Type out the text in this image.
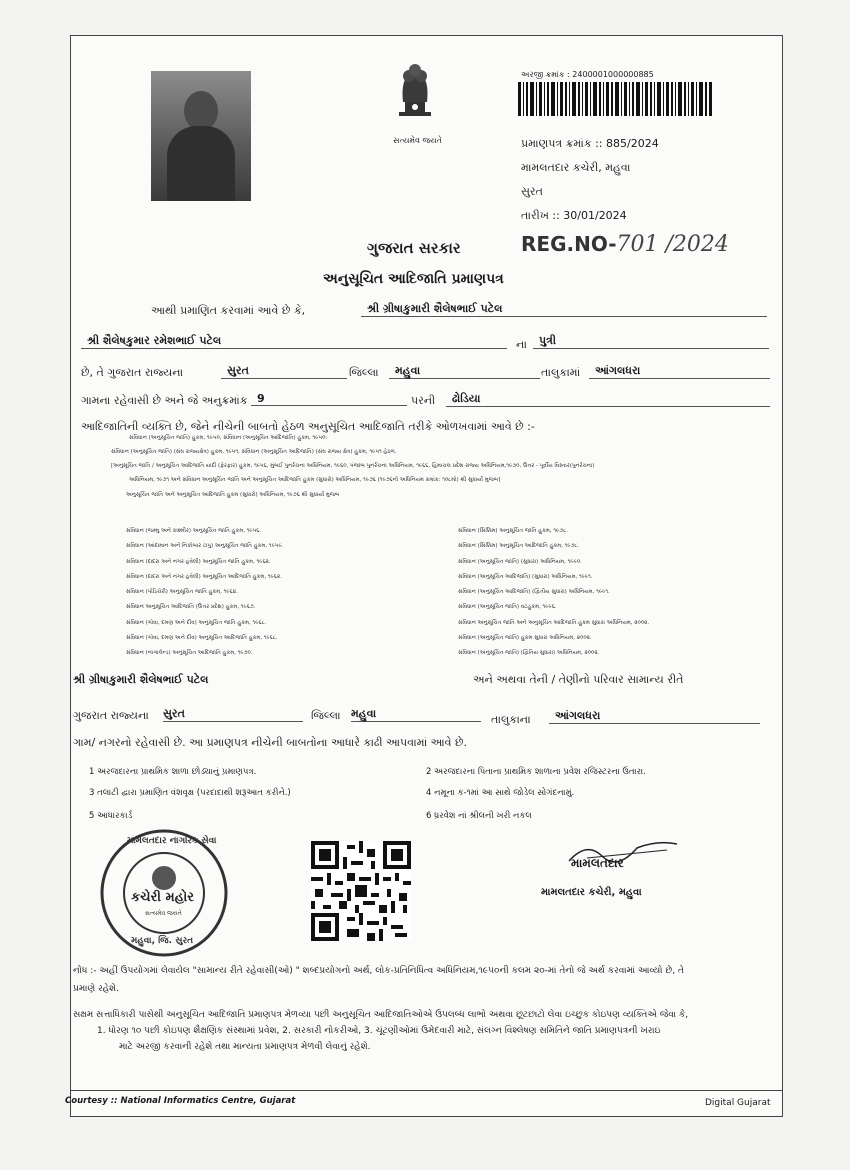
સત્યમેવ જયતે
અરજી ક્રમાંક : 2400001000000885
પ્રમાણપત્ર ક્રમાંક :: 885/2024
મામલતદાર કચેરી, મહુવા
સુરત
તારીખ :: 30/01/2024
ગુજરાત સરકાર	REG.NO-701 /2024
અનુસૂચિત આદિજાતિ પ્રમાણપત્ર
આથી પ્રમાણિત કરવામાં આવે છે કે,	શ્રી ગ્રીષાકુમારી શૈલેષભાઈ પટેલ
શ્રી શૈલેષકુમાર રમેશભાઈ પટેલ	ના	પુત્રી
છે, તે ગુજરાત રાજ્યના	સુરત	જિલ્લા	મહુવા	તાલુકામાં	આંગલધરા
ગામના રહેવાસી છે અને જે અનુક્રમાંક 9	પરની	ઢોડિયા
આદિજાતિની વ્યક્તિ છે, જેને નીચેની બાબતો હેઠળ અનુસૂચિત આદિજાતિ તરીકે ઓળખવામાં આવે છે :-
સંવિધાન (અનુસૂચિત જાતિ) હુકમ, ૧૯૫૦, સંવિધાન (અનુસૂચિત આદિજાતિ) હુકમ, ૧૯૫૦:
સંવિધાન (અનુસૂચિત જાતિ) (સંઘ રાજ્યક્ષેત્ર) હુકમ, ૧૯૫૧, સંવિધાન (અનુસૂચિત આદિજાતિ) (સંઘ રાજ્ય ક્ષેત્ર) હુકમ, ૧૯૫૧ હેઠળ.
[અનુસૂચિત જાતિ / અનુસૂચિત આદિજાતિ યાદી (ફેરફાર) હુકમ, ૧૯૫૬, મુંબઈ પુનર્રચના અધિનિયમ, ૧૯૬૦, પંજાબ પુનર્રચના અધિનિયમ, ૧૯૬૬, હિમાચલ પ્રદેશ રાજ્ય અધિનિયમ,૧૯૭૦, ઉત્તર - પૂર્વીય વિસ્તાર(પુનર્રચના)
અધિનિયમ, ૧૯૭૧ અને સંવિધાન અનુસૂચિત જાતિ અને અનુસૂચિત આદિજાતિ હુકમ (સુધારો) અધિનિયમ, ૧૯૭૬ (૧૯૭૬નો અધિનિયમ ક્રમાંક: ૧૦૮મો) થી સુધાર્યા મુજબ]
અનુસૂચિત જાતિ અને અનુસૂચિત આદિજાતિ હુકમ (સુધારો) અધિનિયમ, ૧૯૭૬ થી સુધાર્યા મુજબ
સંવિધાન (જમ્મુ અને કાશ્મીર) અનુસૂચિત જાતિ હુકમ, ૧૯૫૬.
સંવિધાન (આંદામાન અને નિકોબાર ટાપુ) અનુસૂચિત જાતિ હુકમ, ૧૯૫૯.
સંવિધાન (દાદરા અને નગર હવેલી) અનુસૂચિત જાતિ હુકમ, ૧૯૬૨.
સંવિધાન (દાદરા અને નગર હવેલી) અનુસૂચિત આદિજાતિ હુકમ, ૧૯૬૨.
સંવિધાન (પોંડિચેરી) અનુસૂચિત જાતિ હુકમ, ૧૯૬૪.
સંવિધાન અનુસૂચિત આદિજાતિ (ઉત્તર પ્રદેશ) હુકમ, ૧૯૬૭.
સંવિધાન (ગોવા, દમણ અને દીવ) અનુસૂચિત જાતિ હુકમ, ૧૯૬૮.
સંવિધાન (ગોવા, દમણ અને દીવ) અનુસૂચિત આદિજાતિ હુકમ, ૧૯૬૮.
સંવિધાન (નાગાલેન્ડ) અનુસૂચિત આદિજાતિ હુકમ, ૧૯૭૦.
સંવિધાન (સિક્કિમ) અનુસૂચિત જાતિ હુકમ, ૧૯૭૮.
સંવિધાન (સિક્કિમ) અનુસૂચિત આદિજાતિ હુકમ, ૧૯૭૮.
સંવિધાન (અનુસૂચિત જાતિ) (સુધારા) અધિનિયમ, ૧૯૯૦.
સંવિધાન (અનુસૂચિત આદિજાતિ) (સુધારા) અધિનિયમ, ૧૯૯૧.
સંવિધાન (અનુસૂચિત આદિજાતિ) (દ્વિતીય સુધારા) અધિનિયમ, ૧૯૯૧.
સંવિધાન (અનુસૂચિત જાતિ) વટહુકમ, ૧૯૯૬.
સંવિધાન અનુસૂચિત જાતિ અને અનુસૂચિત આદિજાતિ હુકમ સુધારા અધિનિયમ, ૨૦૦૨.
સંવિધાન (અનુસૂચિત જાતિ) હુકમ સુધારા અધિનિયમ, ૨૦૦૨.
સંવિધાન (અનુસૂચિત જાતિ) (દ્વિતિય સુધારા) અધિનિયમ, ૨૦૦૨.
શ્રી ગ્રીષાકુમારી શૈલેષભાઈ પટેલ	અને અથવા તેની / તેણીનો પરિવાર સામાન્ય રીતે
ગુજરાત રાજ્યના સુરત	જિલ્લા મહુવા	તાલુકાના	આંગલધરા
ગામ/ નગરનો રહેવાસી છે. આ પ્રમાણપત્ર નીચેની બાબતોના આધારે કાઢી આપવામાં આવે છે.
1 અરજદારના પ્રાથમિક શાળા છોડ્યાનું પ્રમાણપત્ર.	2 અરજદારના પિતાના પ્રાથમિક શાળાના પ્રવેશ રજિસ્ટરના ઉતારા.
3 તલાટી દ્વારા પ્રમાણિત વંશવૃક્ષ (પરદાદાથી શરૂઆત કરીને.)	4 નમૂના ક-૧માં આ સાથે જોડેલ સોગંદનામું.
5 આધારકાર્ડ	6 ધ્રરવેશ નાં શ્રીલની ખરી નકલ
મામલતદાર નાગરિક સેવા
કચેરી મહોર
સત્યમેવ જયતે
મહુવા, જિ. સુરત
મામલતદાર
મામલતદાર કચેરી, મહુવા
નોંધ :- અહીં ઉપયોગમાં લેવાયેલ "સામાન્ય રીતે રહેવાસી(ઓ) " શબ્દપ્રયોગનો અર્થ, લોક-પ્રતિનિધિત્વ અધિનિયમ,૧૯૫૦ની કલમ ૨૦-માં તેનો જે અર્થ કરવામાં આવ્યો છે, તે
પ્રમાણે રહેશે.
સક્ષમ સત્તાધિકારી પાસેથી અનુસૂચિત આદિજાતિ પ્રમાણપત્ર મેળવ્યા પછી અનુસૂચિત આદિજાતિઓએ ઉપલબ્ધ લાભો અથવા છૂટછાટો લેવા ઇચ્છુક કોઇપણ વ્યક્તિએ જેવા કે,
1. ધોરણ ૧૦ પછી કોઇપણ શૈક્ષણિક સંસ્થામાં પ્રવેશ, 2. સરકારી નોકરીઓ, 3. ચૂંટણીઓમાં ઉમેદવારી માટે, સંલગ્ન વિશ્લેષણ સમિતિને જાતિ પ્રમાણપત્રની ખરાઇ
માટે અરજી કરવાની રહેશે તથા માન્યતા પ્રમાણપત્ર મેળવી લેવાનું રહેશે.
Courtesy :: National Informatics Centre, Gujarat	Digital Gujarat
